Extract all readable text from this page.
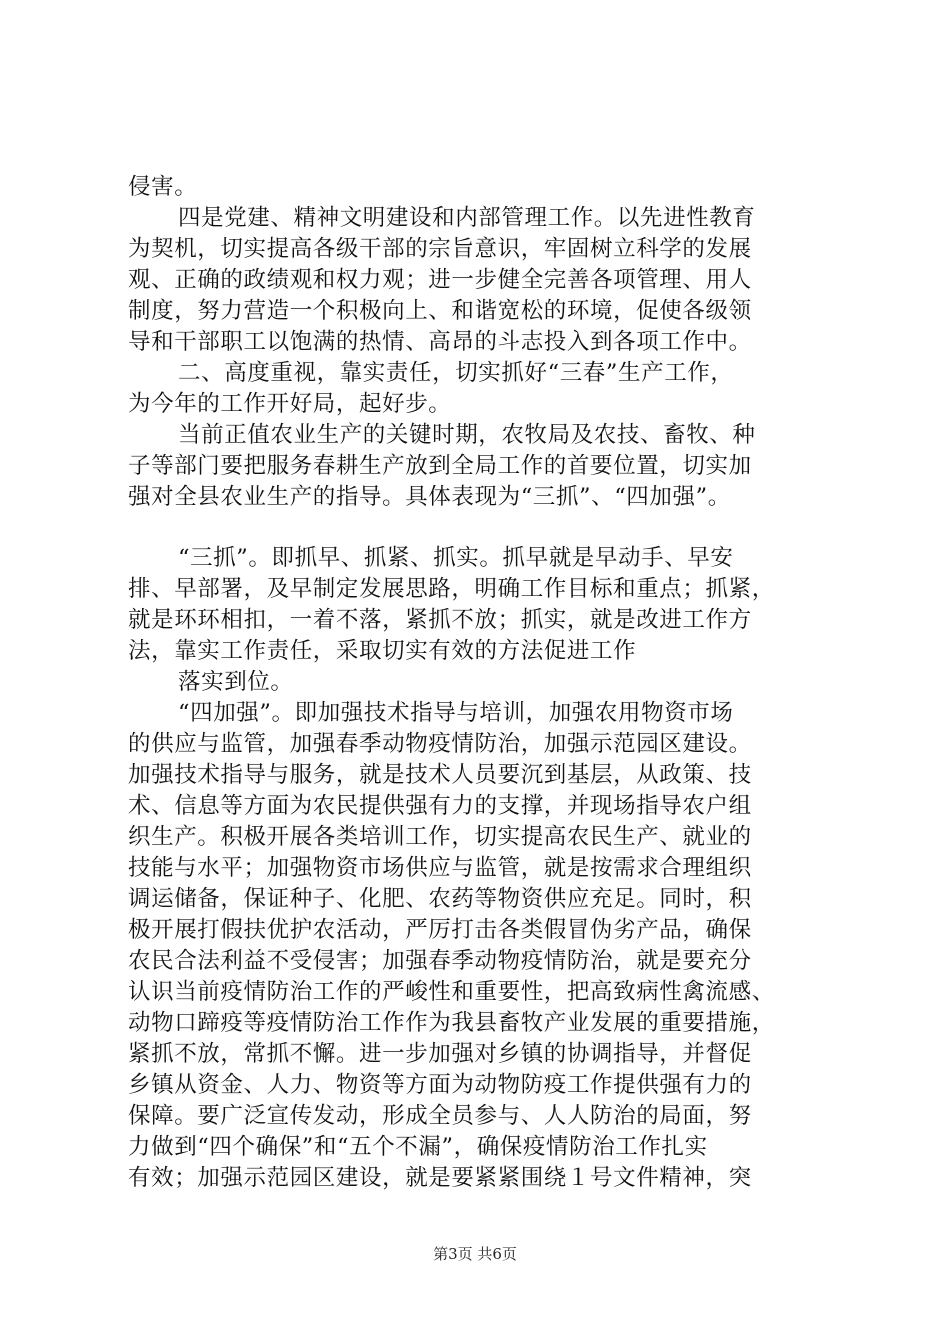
侵害。
四是党建、精神文明建设和内部管理工作。以先进性教育
为契机，切实提高各级干部的宗旨意识，牢固树立科学的发展
观、正确的政绩观和权力观；进一步健全完善各项管理、用人
制度，努力营造一个积极向上、和谐宽松的环境，促使各级领
导和干部职工以饱满的热情、高昂的斗志投入到各项工作中。
二、高度重视，靠实责任，切实抓好“三春”生产工作，
为今年的工作开好局，起好步。
当前正值农业生产的关键时期，农牧局及农技、畜牧、种
子等部门要把服务春耕生产放到全局工作的首要位置，切实加
强对全县农业生产的指导。具体表现为“三抓”、“四加强”。
“三抓”。即抓早、抓紧、抓实。抓早就是早动手、早安
排、早部署，及早制定发展思路，明确工作目标和重点；抓紧，
就是环环相扣，一着不落，紧抓不放；抓实，就是改进工作方
法，靠实工作责任，采取切实有效的方法促进工作
落实到位。
“四加强”。即加强技术指导与培训，加强农用物资市场
的供应与监管，加强春季动物疫情防治，加强示范园区建设。
加强技术指导与服务，就是技术人员要沉到基层，从政策、技
术、信息等方面为农民提供强有力的支撑，并现场指导农户组
织生产。积极开展各类培训工作，切实提高农民生产、就业的
技能与水平；加强物资市场供应与监管，就是按需求合理组织
调运储备，保证种子、化肥、农药等物资供应充足。同时，积
极开展打假扶优护农活动，严厉打击各类假冒伪劣产品，确保
农民合法利益不受侵害；加强春季动物疫情防治，就是要充分
认识当前疫情防治工作的严峻性和重要性，把高致病性禽流感、
动物口蹄疫等疫情防治工作作为我县畜牧产业发展的重要措施，
紧抓不放，常抓不懈。进一步加强对乡镇的协调指导，并督促
乡镇从资金、人力、物资等方面为动物防疫工作提供强有力的
保障。要广泛宣传发动，形成全员参与、人人防治的局面，努
力做到“四个确保”和“五个不漏”，确保疫情防治工作扎实
有效；加强示范园区建设，就是要紧紧围绕１号文件精神，突
第3页 共6页
